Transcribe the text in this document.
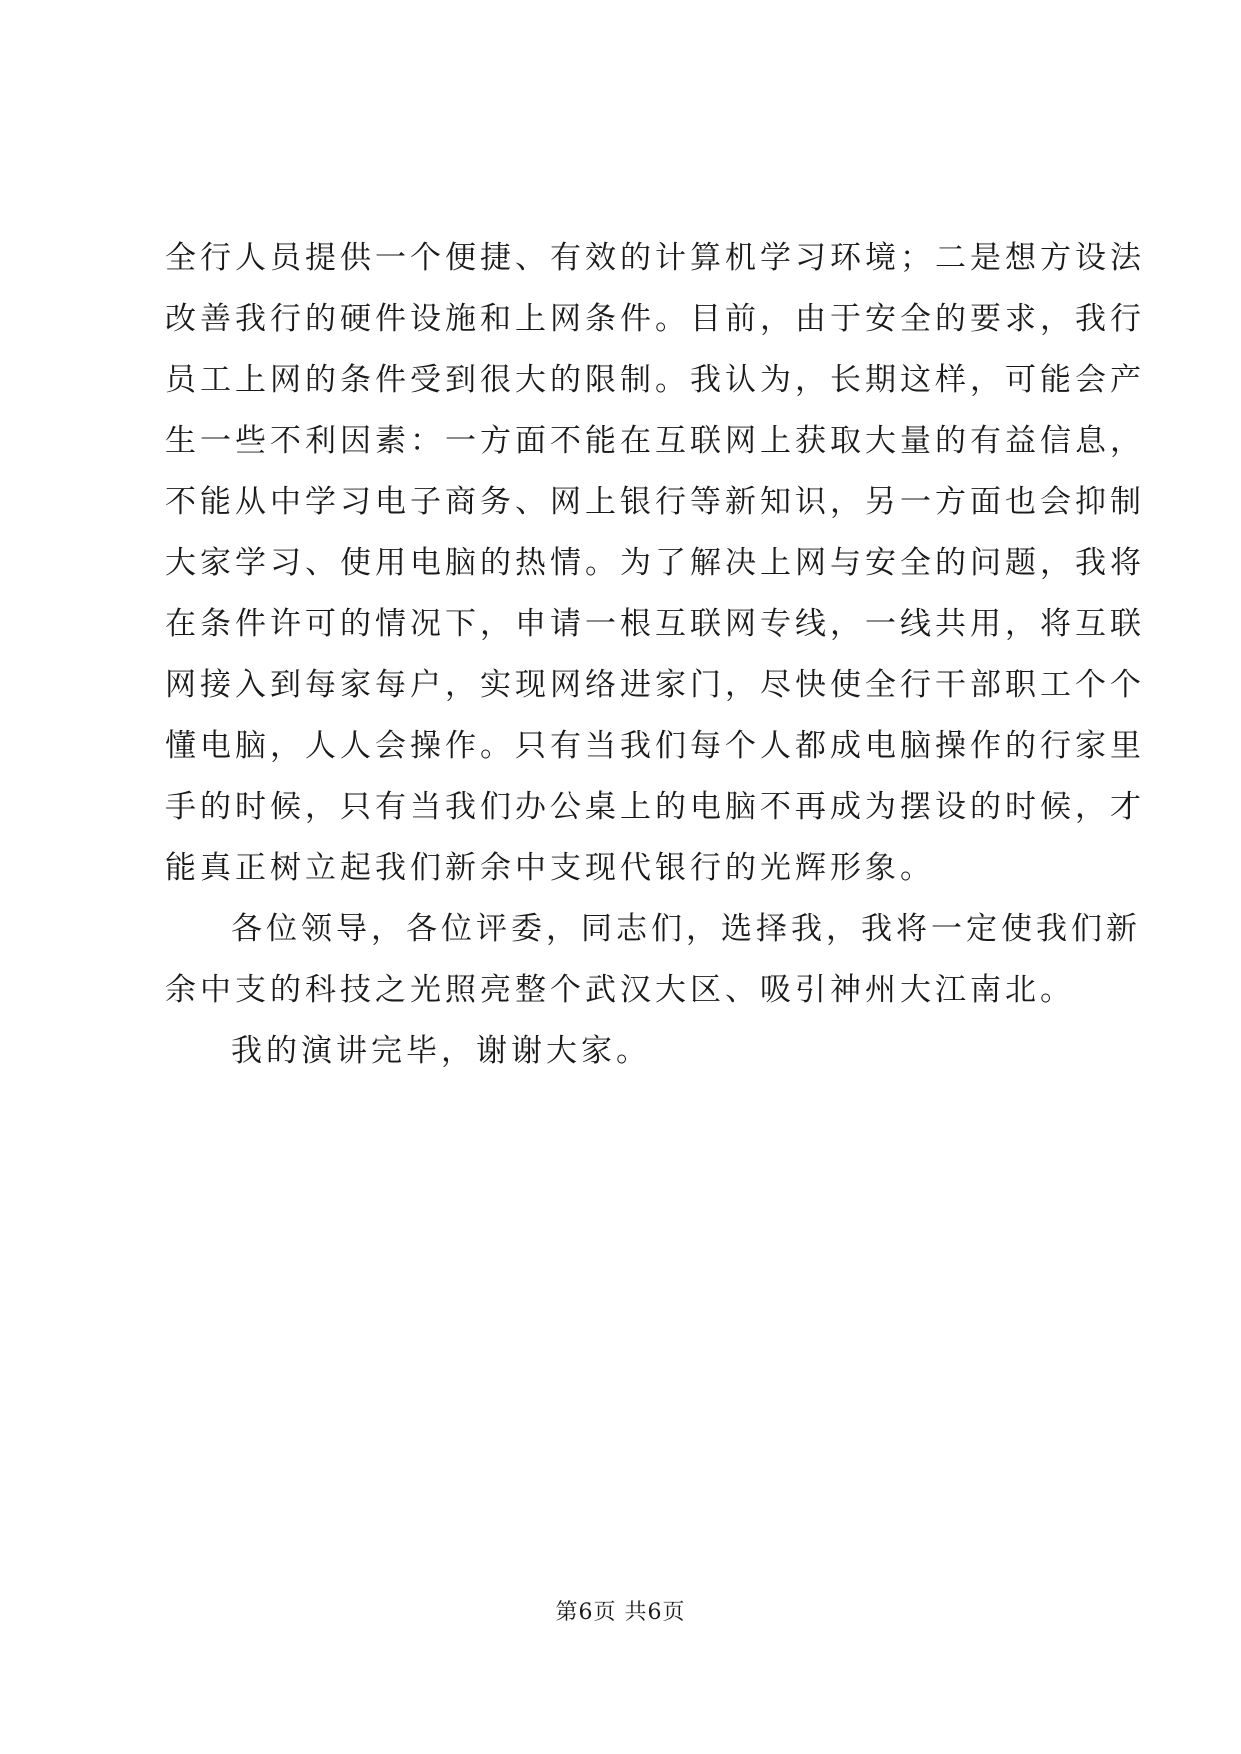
全行人员提供一个便捷、有效的计算机学习环境；二是想方设法
改善我行的硬件设施和上网条件。目前，由于安全的要求，我行
员工上网的条件受到很大的限制。我认为，长期这样，可能会产
生一些不利因素：一方面不能在互联网上获取大量的有益信息，
不能从中学习电子商务、网上银行等新知识，另一方面也会抑制
大家学习、使用电脑的热情。为了解决上网与安全的问题，我将
在条件许可的情况下，申请一根互联网专线，一线共用，将互联
网接入到每家每户，实现网络进家门，尽快使全行干部职工个个
懂电脑，人人会操作。只有当我们每个人都成电脑操作的行家里
手的时候，只有当我们办公桌上的电脑不再成为摆设的时候，才
能真正树立起我们新余中支现代银行的光辉形象。
各位领导，各位评委，同志们，选择我，我将一定使我们新
余中支的科技之光照亮整个武汉大区、吸引神州大江南北。
我的演讲完毕，谢谢大家。
第6页 共6页
